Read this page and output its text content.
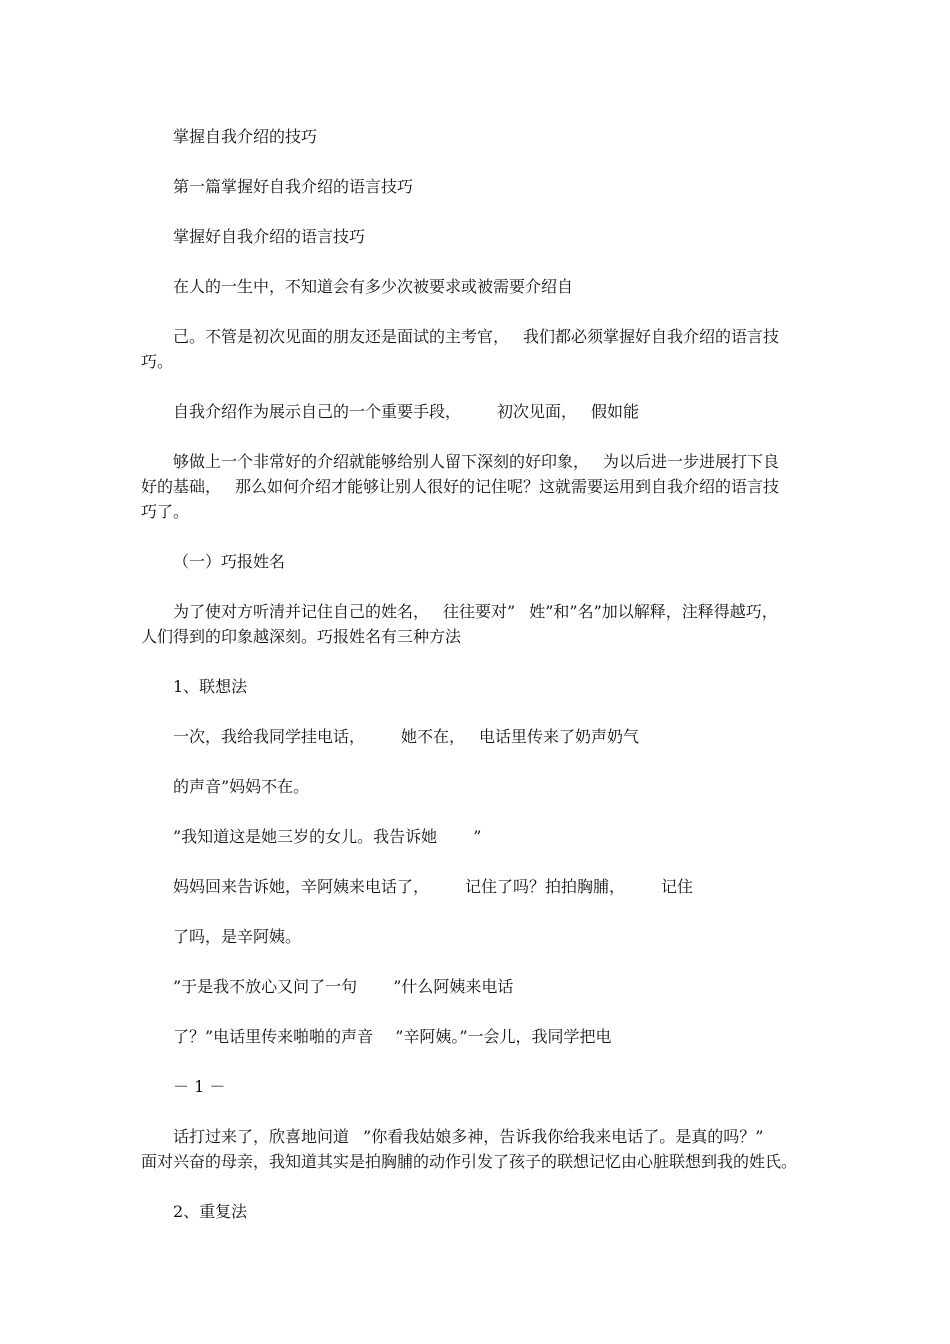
掌握自我介绍的技巧
第一篇掌握好自我介绍的语言技巧
掌握好自我介绍的语言技巧
在人的一生中，不知道会有多少次被要求或被需要介绍自
己。不管是初次见面的朋友还是面试的主考官， 我们都必须掌握好自我介绍的语言技
巧。
自我介绍作为展示自己的一个重要手段， 初次见面， 假如能
够做上一个非常好的介绍就能够给别人留下深刻的好印象， 为以后进一步进展打下良
好的基础， 那么如何介绍才能够让别人很好的记住呢？这就需要运用到自我介绍的语言技
巧了。
（一）巧报姓名
为了使对方听清并记住自己的姓名， 往往要对” 姓”和”名”加以解释，注释得越巧，
人们得到的印象越深刻。巧报姓名有三种方法
1、联想法
一次，我给我同学挂电话， 她不在， 电话里传来了奶声奶气
的声音”妈妈不在。
”我知道这是她三岁的女儿。我告诉她 ”
妈妈回来告诉她，辛阿姨来电话了， 记住了吗？拍拍胸脯， 记住
了吗，是辛阿姨。
”于是我不放心又问了一句 ”什么阿姨来电话
了？”电话里传来啪啪的声音 ”辛阿姨。”一会儿，我同学把电
－ 1 －
话打过来了，欣喜地问道 ”你看我姑娘多神，告诉我你给我来电话了。是真的吗？”
面对兴奋的母亲，我知道其实是拍胸脯的动作引发了孩子的联想记忆由心脏联想到我的姓氏。
2、重复法
